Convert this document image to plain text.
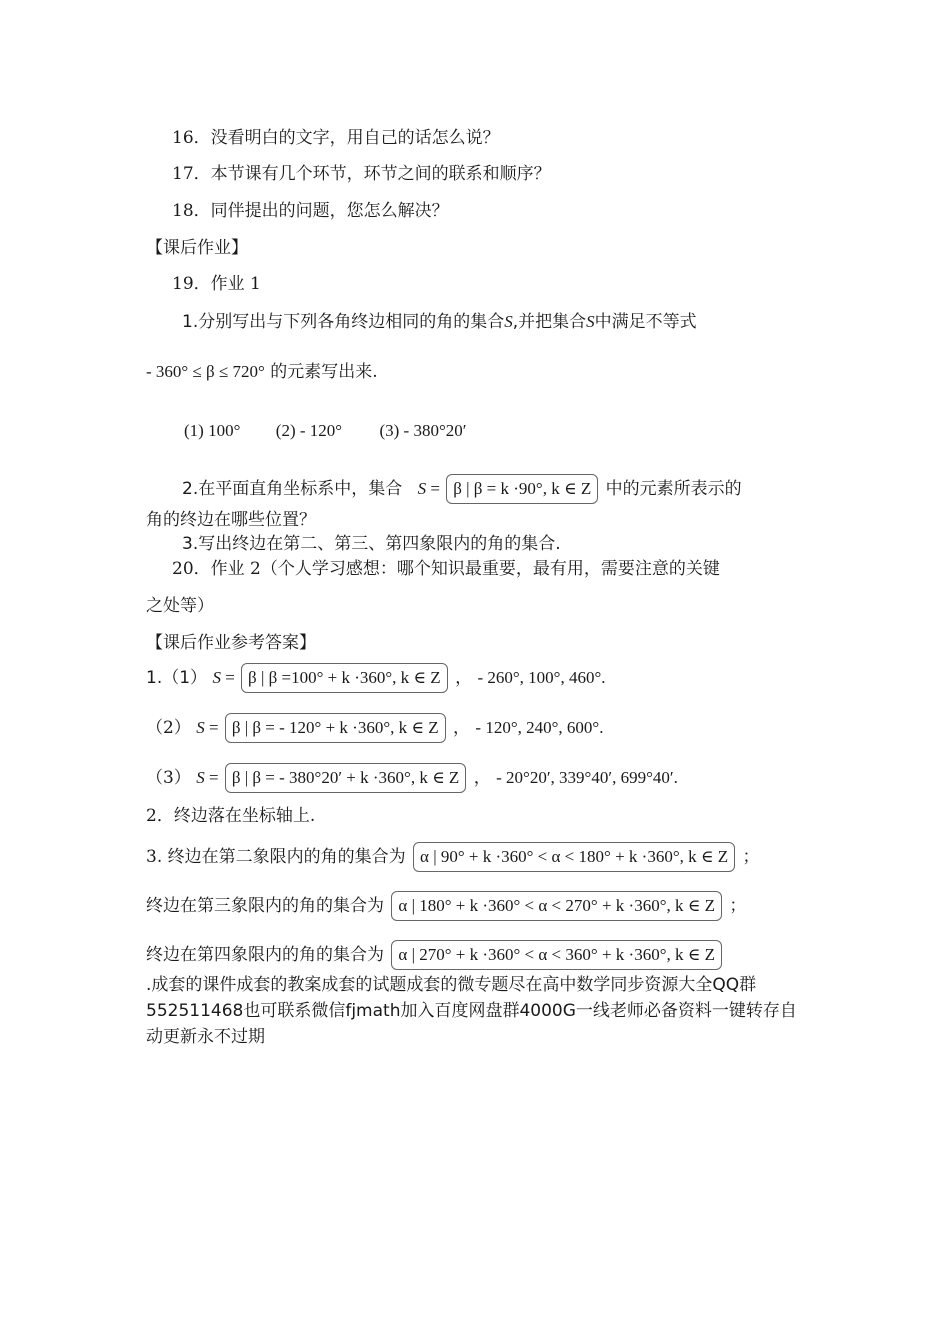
16．没看明白的文字，用自己的话怎么说？
17．本节课有几个环节，环节之间的联系和顺序？
18．同伴提出的问题，您怎么解决？
【课后作业】
19．作业 1
1.分别写出与下列各角终边相同的角的集合S,并把集合S中满足不等式
- 360° ≤ β ≤ 720° 的元素写出来.
(1) 100° (2) - 120° (3) - 380°20′
2.在平面直角坐标系中，集合 S = β | β = k ·90°, k ∈ Z 中的元素所表示的
角的终边在哪些位置？
3.写出终边在第二、第三、第四象限内的角的集合.
20．作业 2（个人学习感想：哪个知识最重要，最有用，需要注意的关键
之处等）
【课后作业参考答案】
1.（1） S = β | β =100° + k ·360°, k ∈ Z ， - 260°, 100°, 460°.
（2） S = β | β = - 120° + k ·360°, k ∈ Z ， - 120°, 240°, 600°.
（3） S = β | β = - 380°20′ + k ·360°, k ∈ Z ， - 20°20′, 339°40′, 699°40′.
2．终边落在坐标轴上.
3. 终边在第二象限内的角的集合为 α | 90° + k ·360° < α < 180° + k ·360°, k ∈ Z ；
终边在第三象限内的角的集合为 α | 180° + k ·360° < α < 270° + k ·360°, k ∈ Z ；
终边在第四象限内的角的集合为 α | 270° + k ·360° < α < 360° + k ·360°, k ∈ Z
.成套的课件成套的教案成套的试题成套的微专题尽在高中数学同步资源大全QQ群552511468也可联系微信fjmath加入百度网盘群4000G一线老师必备资料一键转存自动更新永不过期
